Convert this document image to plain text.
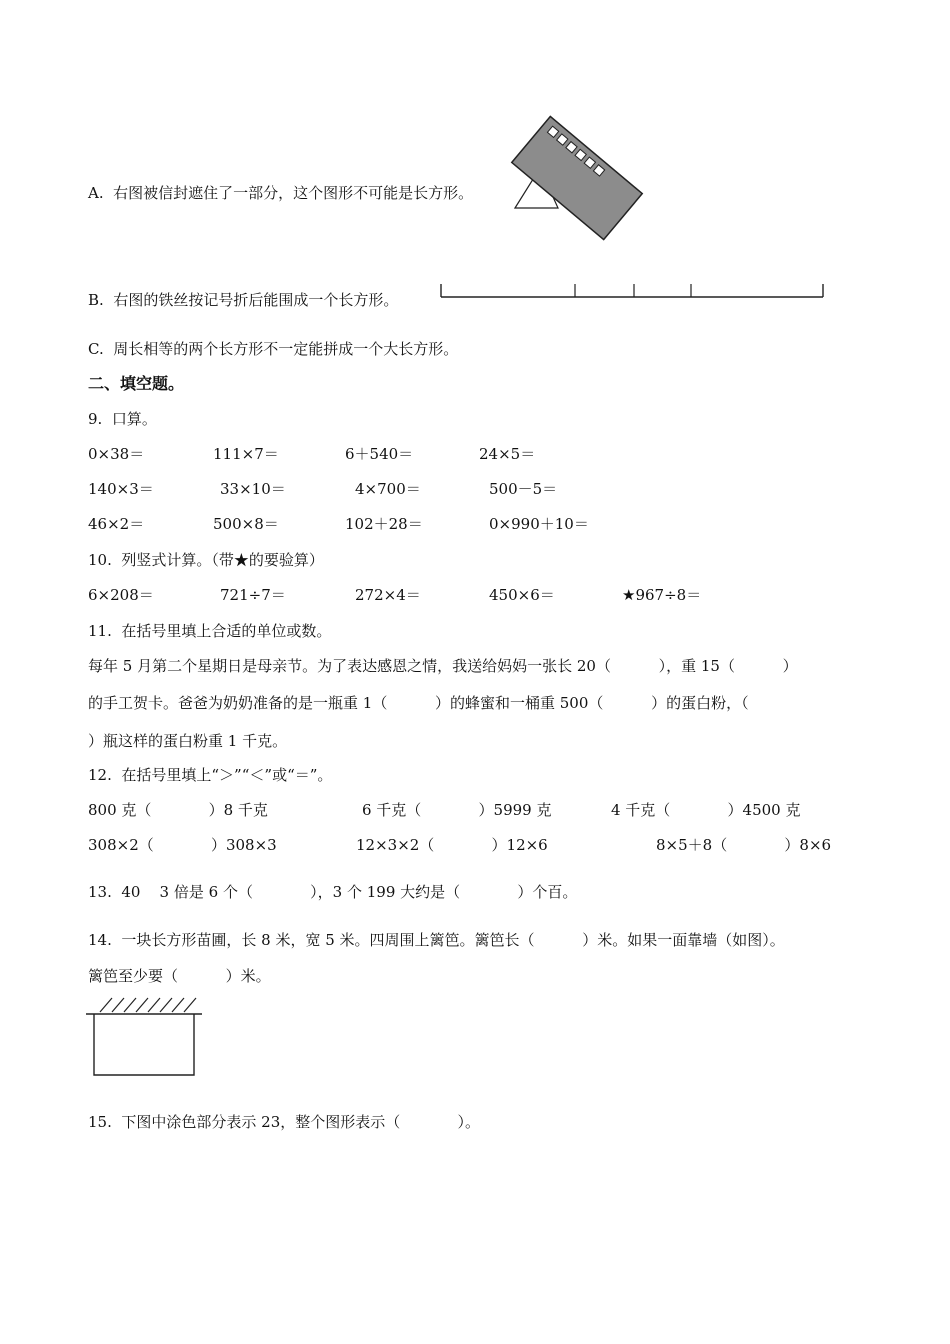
A.  右图被信封遮住了一部分，这个图形不可能是长方形。
B.  右图的铁丝按记号折后能围成一个长方形。
C.  周长相等的两个长方形不一定能拼成一个大长方形。
二、填空题。
9.  口算。
0×38＝	111×7＝	6＋540＝	24×5＝
140×3＝	33×10＝	4×700＝	500－5＝
46×2＝	500×8＝	102＋28＝	0×990＋10＝
10.  列竖式计算。（带★的要验算）
6×208＝	721÷7＝	272×4＝	450×6＝	★967÷8＝
11.  在括号里填上合适的单位或数。
每年 5 月第二个星期日是母亲节。为了表达感恩之情，我送给妈妈一张长 20（          ），重 15（          ）
的手工贺卡。爸爸为奶奶准备的是一瓶重 1（          ）的蜂蜜和一桶重 500（          ）的蛋白粉，（
）瓶这样的蛋白粉重 1 千克。
12.  在括号里填上“＞”“＜”或“＝”。
800 克（            ）8 千克	6 千克（            ）5999 克	4 千克（            ）4500 克
308×2（            ）308×3	12×3×2（            ）12×6	8×5＋8（            ）8×6
13.  40    3 倍是 6 个（            ），3 个 199 大约是（            ）个百。
14.  一块长方形苗圃，长 8 米，宽 5 米。四周围上篱笆。篱笆长（          ）米。如果一面靠墙（如图）。
篱笆至少要（          ）米。
15.  下图中涂色部分表示 23，整个图形表示（            ）。
